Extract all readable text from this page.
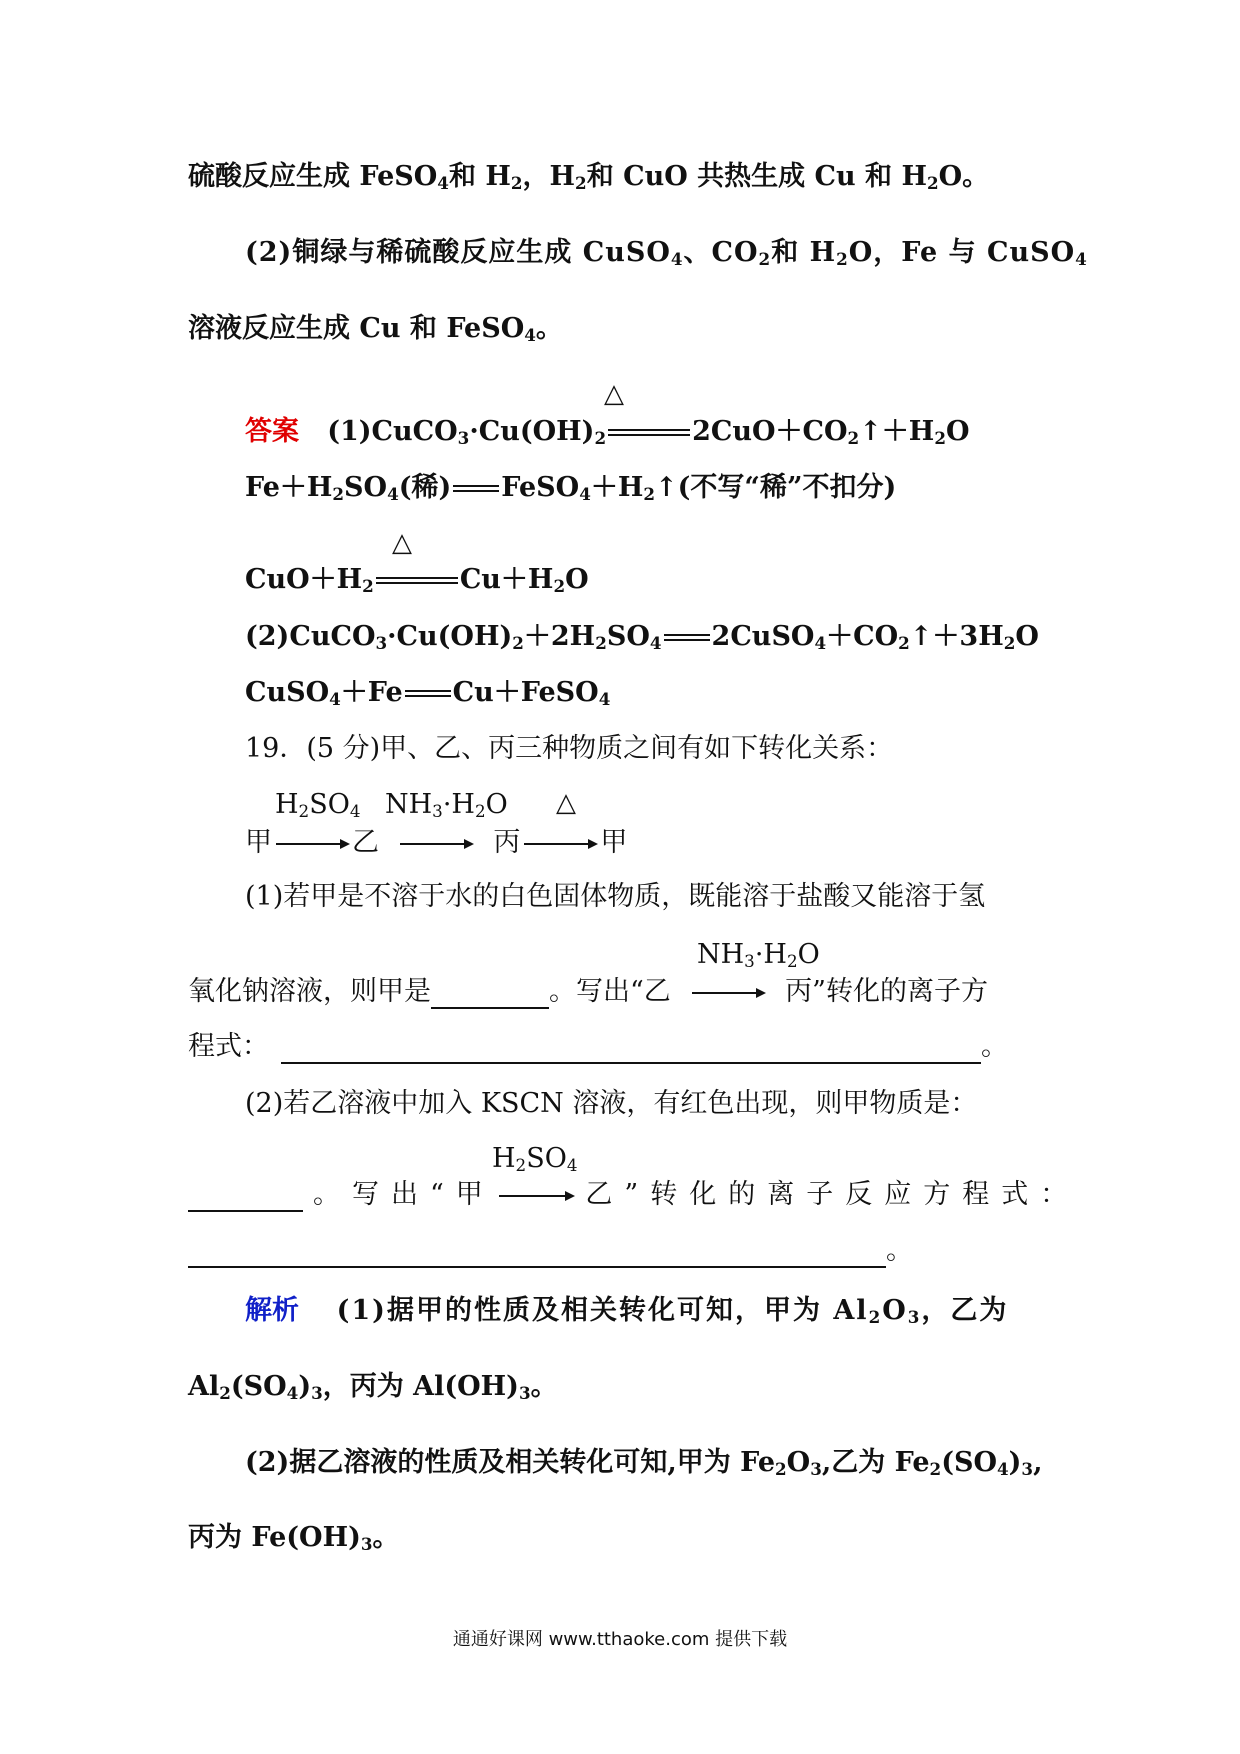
硫酸反应生成 FeSO$_4$和 $H_2$，$H_2$和 CuO 共热生成 Cu 和 $H_2O$。
(2)铜绿与稀硫酸反应生成 CuSO$_4$、$CO_2$和 $H_2O$，Fe 与 CuSO$_4$
溶液反应生成 Cu 和 FeSO$_4$。
△
答案 $(1)CuCO_3\cdot Cu(OH)_2$	$2CuO+CO_2↑+H_2O$
$Fe+H_2SO_4$(稀) $FeSO_4+H_2↑$(不写“稀”不扣分)
△
$CuO+H_2$	$Cu+H_2O$
$(2)CuCO_3\cdot Cu(OH)_2+2H_2SO_4$ $2CuSO_4+CO_2↑+3H_2O$
CuSO$_4$＋Fe Cu＋FeSO$_4$
19．(5 分)甲、乙、丙三种物质之间有如下转化关系：
$H_2SO_4$ $NH_3\cdot H_2O$ △
甲	乙	丙	甲
(1)若甲是不溶于水的白色固体物质，既能溶于盐酸又能溶于氢
$NH_3\cdot H_2O$
氧化钠溶液，则甲是	。写出“乙	丙”转化的离子方
程式：	。
(2)若乙溶液中加入 KSCN 溶液，有红色出现，则甲物质是：
$H_2SO_4$
。写出“甲	乙”转化的离子反应方程式：
。
解析 (1)据甲的性质及相关转化可知，甲为 $Al_2O_3$，乙为
$Al_2(SO_4)_3$，丙为 $Al(OH)_3$。
(2)据乙溶液的性质及相关转化可知,甲为 $Fe_2O_3$,乙为 $Fe_2(SO_4)_3$,
丙为 $Fe(OH)_3$。
通通好课网 www.tthaoke.com 提供下载
